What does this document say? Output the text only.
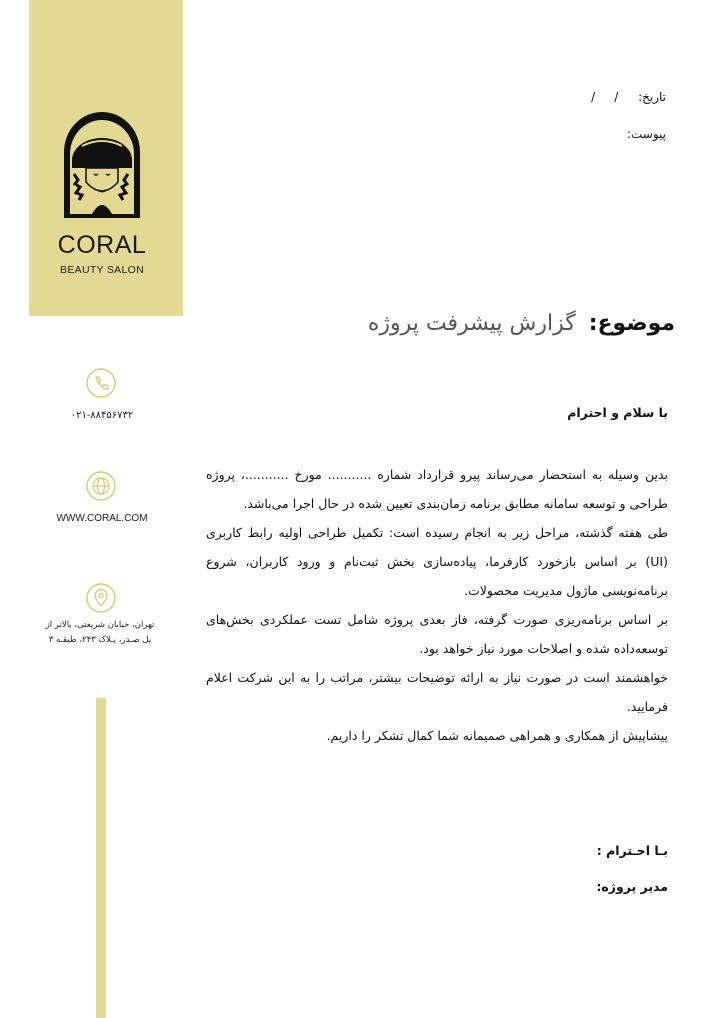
CORAL
BEAUTY SALON
۰۲۱-۸۸۴۵۶۷۳۲
WWW.CORAL.COM
تهران، خیابان شریعتی، بالاتر از
پل صـدر، پـلاک ۲۴۳، طبقـه ۳
تاریخ: /     /
پیوست:
موضوع: گزارش پیشرفت پروژه
با سلام و احترام

بدین وسیله به استحضار می‌رساند پیرو قرارداد شماره ........... مورخ ...........، پروژه طراحی و توسعه سامانه مطابق برنامه زمان‌بندی تعیین شده در حال اجرا می‌باشد.

طی هفته گذشته، مراحل زیر به انجام رسیده است: تکمیل طراحی اولیه رابط کاربری (UI) بر اساس بازخورد کارفرما، پیاده‌سازی بخش ثبت‌نام و ورود کاربران، شروع برنامه‌نویسی ماژول مدیریت محصولات.

بر اساس برنامه‌ریزی صورت گرفته، فاز بعدی پروژه شامل تست عملکردی بخش‌های توسعه‌داده شده و اصلاحات مورد نیاز خواهد بود.

خواهشمند است در صورت نیاز به ارائه توضیحات بیشتر، مراتب را به این شرکت اعلام فرمایید.

پیشاپیش از همکاری و همراهی صمیمانه شما کمال تشکر را داریم.

بـا احـترام :
مدیر پروژه:
